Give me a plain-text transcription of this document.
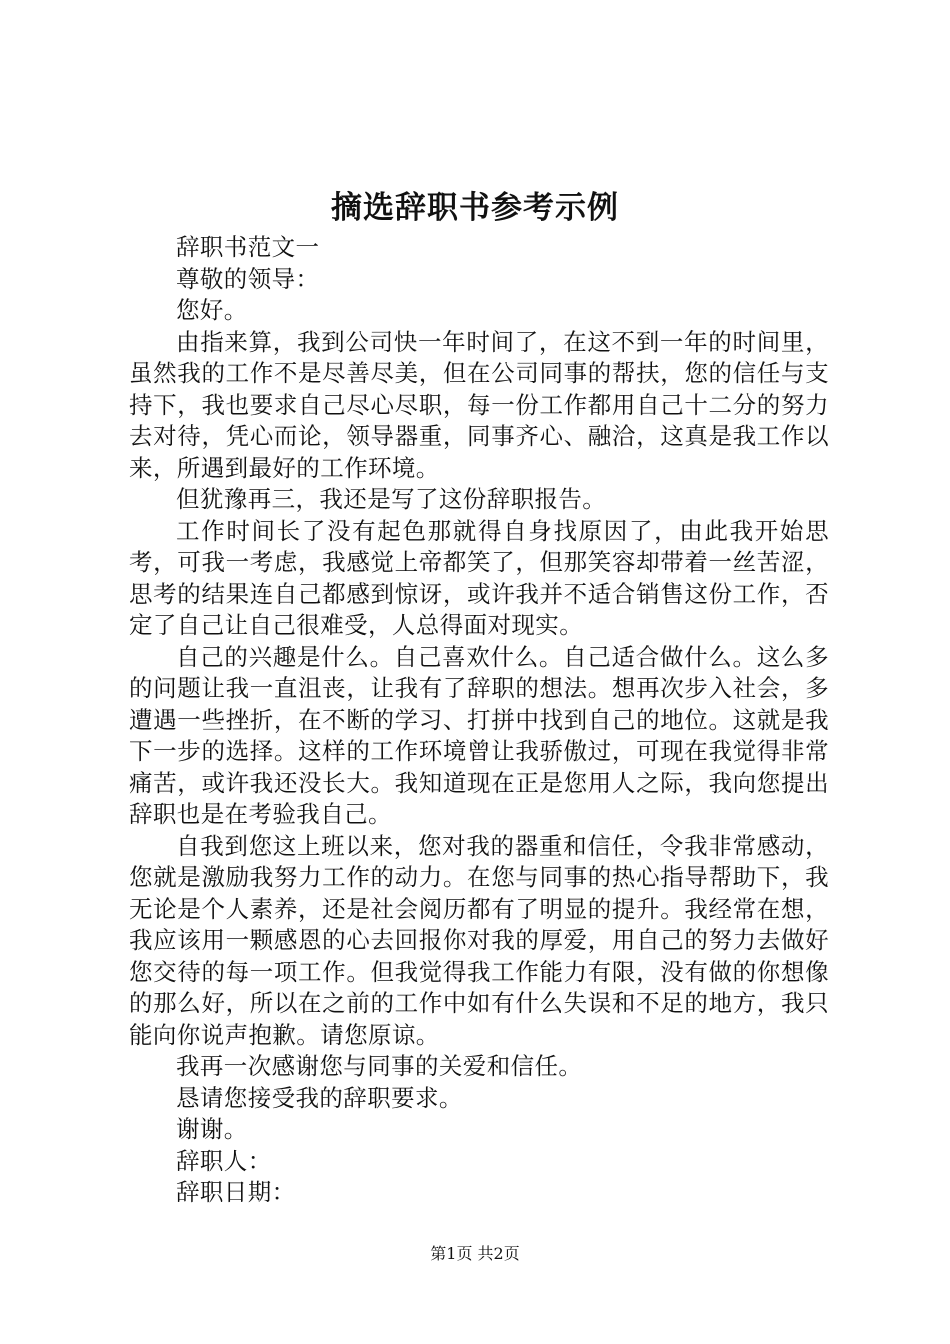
摘选辞职书参考示例

辞职书范文一

尊敬的领导：

您好。

由指来算，我到公司快一年时间了，在这不到一年的时间里，虽然我的工作不是尽善尽美，但在公司同事的帮扶，您的信任与支持下，我也要求自己尽心尽职，每一份工作都用自己十二分的努力去对待，凭心而论，领导器重，同事齐心、融洽，这真是我工作以来，所遇到最好的工作环境。

但犹豫再三，我还是写了这份辞职报告。

工作时间长了没有起色那就得自身找原因了，由此我开始思考，可我一考虑，我感觉上帝都笑了，但那笑容却带着一丝苦涩，思考的结果连自己都感到惊讶，或许我并不适合销售这份工作，否定了自己让自己很难受，人总得面对现实。

自己的兴趣是什么。自己喜欢什么。自己适合做什么。这么多的问题让我一直沮丧，让我有了辞职的想法。想再次步入社会，多遭遇一些挫折，在不断的学习、打拼中找到自己的地位。这就是我下一步的选择。这样的工作环境曾让我骄傲过，可现在我觉得非常痛苦，或许我还没长大。我知道现在正是您用人之际，我向您提出辞职也是在考验我自己。

自我到您这上班以来，您对我的器重和信任，令我非常感动，您就是激励我努力工作的动力。在您与同事的热心指导帮助下，我无论是个人素养，还是社会阅历都有了明显的提升。我经常在想，我应该用一颗感恩的心去回报你对我的厚爱，用自己的努力去做好您交待的每一项工作。但我觉得我工作能力有限，没有做的你想像的那么好，所以在之前的工作中如有什么失误和不足的地方，我只能向你说声抱歉。请您原谅。

我再一次感谢您与同事的关爱和信任。

恳请您接受我的辞职要求。

谢谢。

辞职人：

辞职日期：

第1页 共2页
